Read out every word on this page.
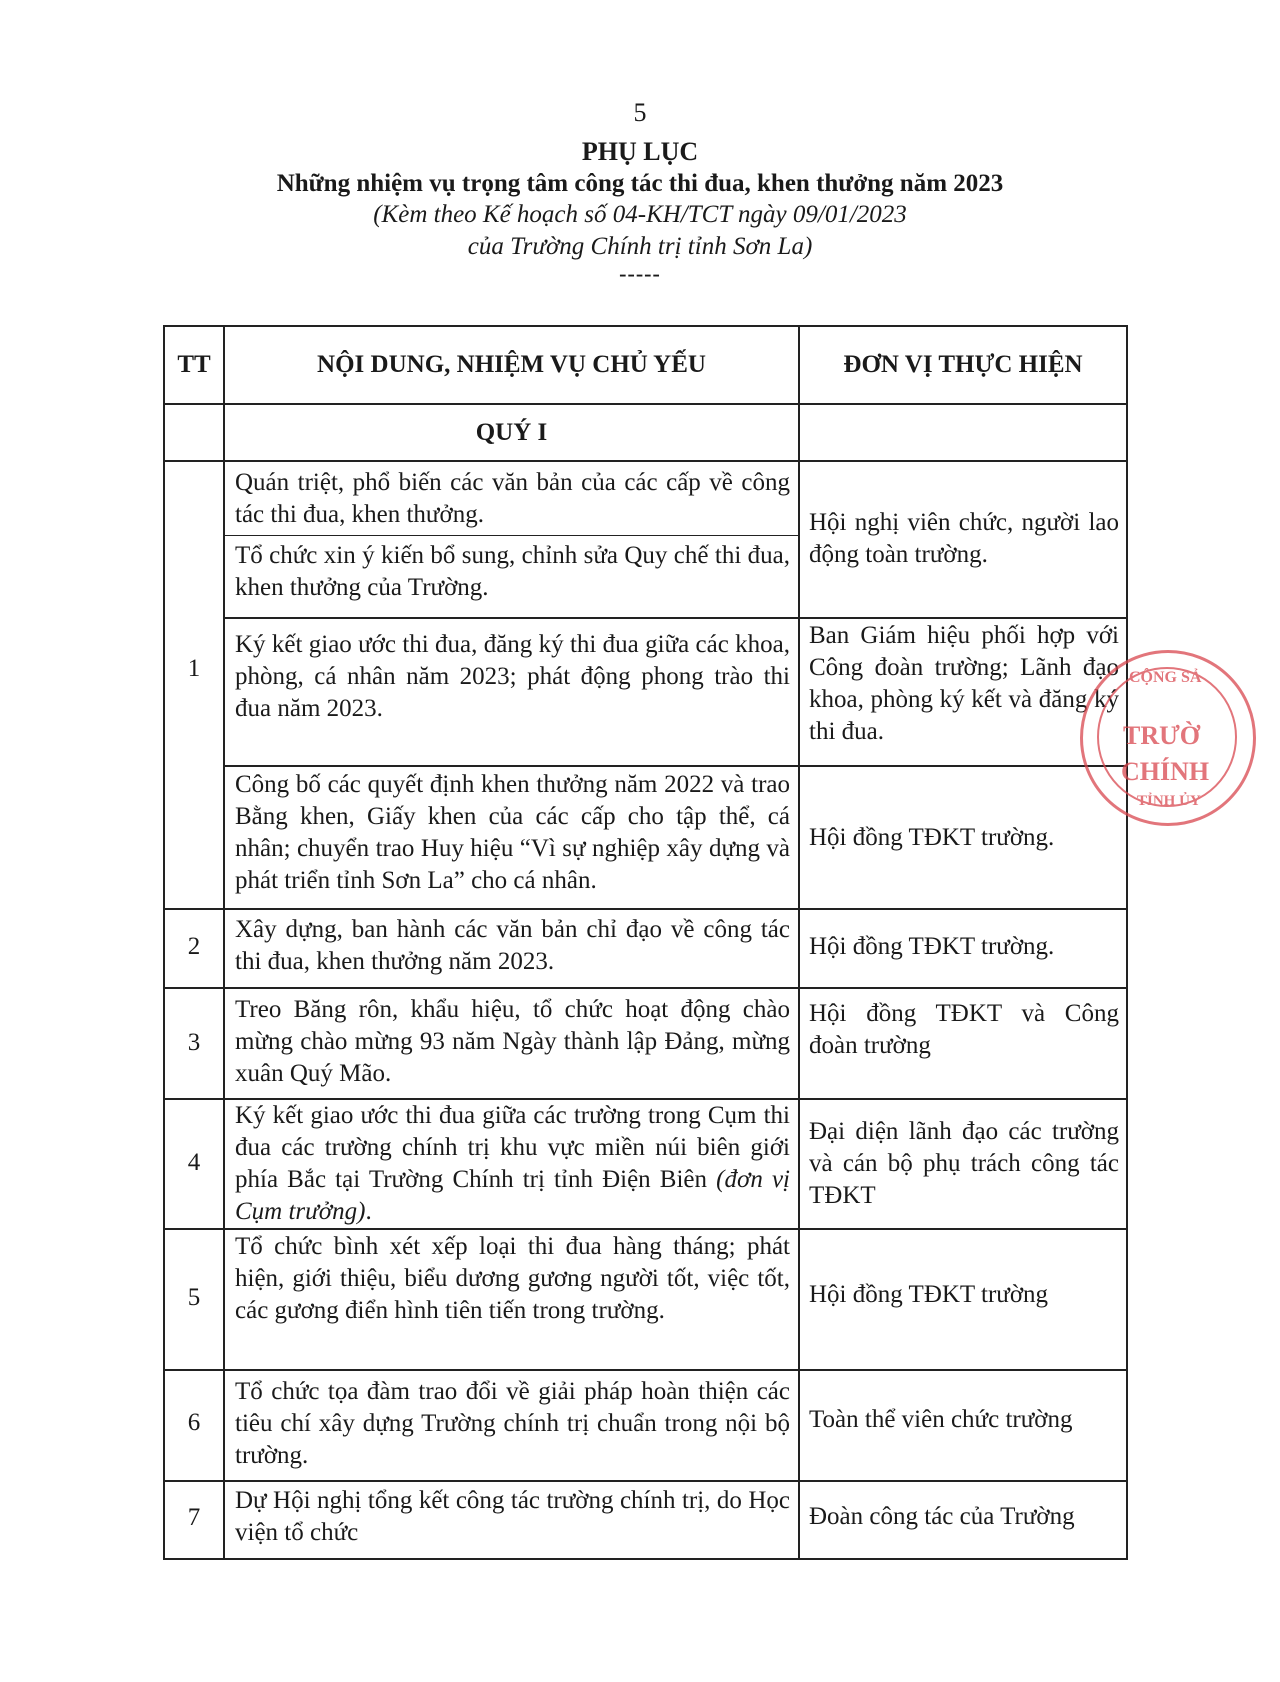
5
PHỤ LỤC
Những nhiệm vụ trọng tâm công tác thi đua, khen thưởng năm 2023
(Kèm theo Kế hoạch số 04-KH/TCT ngày 09/01/2023
của Trường Chính trị tỉnh Sơn La)
-----
TT	NỘI DUNG, NHIỆM VỤ CHỦ YẾU	ĐƠN VỊ THỰC HIỆN
QUÝ I
1
Quán triệt, phổ biến các văn bản của các cấp về công tác thi đua, khen thưởng.
Tổ chức xin ý kiến bổ sung, chỉnh sửa Quy chế thi đua, khen thưởng của Trường.
Ký kết giao ước thi đua, đăng ký thi đua giữa các khoa, phòng, cá nhân năm 2023; phát động phong trào thi đua năm 2023.
Công bố các quyết định khen thưởng năm 2022 và trao Bằng khen, Giấy khen của các cấp cho tập thể, cá nhân; chuyển trao Huy hiệu “Vì sự nghiệp xây dựng và phát triển tỉnh Sơn La” cho cá nhân.
Hội nghị viên chức, người lao động toàn trường.
Ban Giám hiệu phối hợp với Công đoàn trường; Lãnh đạo khoa, phòng ký kết và đăng ký thi đua.
Hội đồng TĐKT trường.
2
Xây dựng, ban hành các văn bản chỉ đạo về công tác thi đua, khen thưởng năm 2023.
Hội đồng TĐKT trường.
3
Treo Băng rôn, khẩu hiệu, tổ chức hoạt động chào mừng chào mừng 93 năm Ngày thành lập Đảng, mừng xuân Quý Mão.
Hội đồng TĐKT và Công đoàn trường
4
Ký kết giao ước thi đua giữa các trường trong Cụm thi đua các trường chính trị khu vực miền núi biên giới phía Bắc tại Trường Chính trị tỉnh Điện Biên (đơn vị Cụm trưởng).
Đại diện lãnh đạo các trường và cán bộ phụ trách công tác TĐKT
5
Tổ chức bình xét xếp loại thi đua hàng tháng; phát hiện, giới thiệu, biểu dương gương người tốt, việc tốt, các gương điển hình tiên tiến trong trường.
Hội đồng TĐKT trường
6
Tổ chức tọa đàm trao đổi về giải pháp hoàn thiện các tiêu chí xây dựng Trường chính trị chuẩn trong nội bộ trường.
Toàn thể viên chức trường
7
Dự Hội nghị tổng kết công tác trường chính trị, do Học viện tổ chức
Đoàn công tác của Trường
TRƯỜ
CHÍNH
CỘNG SẢ
TỈNH ỦY
